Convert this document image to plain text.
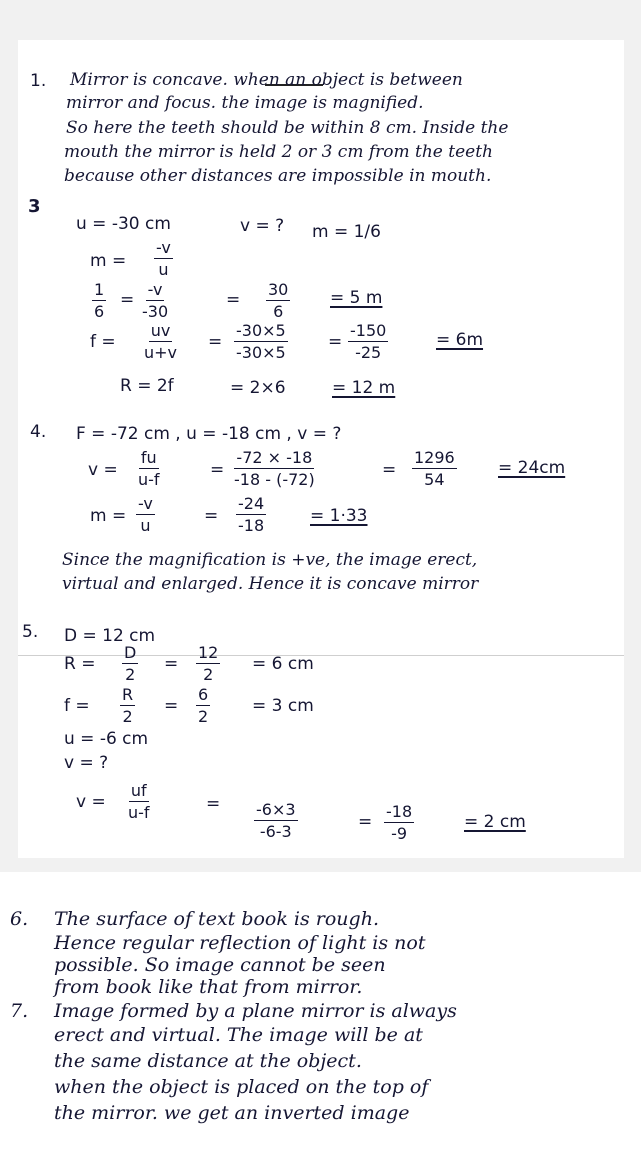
1. Mirror is concave. when an object is between
mirror and focus. the image is magnified.
So here the teeth should be within 8 cm. Inside the
mouth the mirror is held 2 or 3 cm from the teeth
because other distances are impossible in mouth.
3
u = -30 cm	v = ? m = 1/6
$m = \frac{-v}{u}$
$\frac{1}{6} = \frac{-v}{-30}$	= $\frac{30}{6} = 5$ m
$f = \frac{uv}{u+v} = \frac{-30\times 5}{-30\times 5} = \frac{-150}{-25}$	= 6m
R = 2f	= 2×6	= 12 m
4. F = -72 cm , u = -18 cm , v = ?
$v = \frac{fu}{u-f}$	= $\frac{-72 \times -18}{-18 - (-72)}$	= $\frac{1296}{54} = 24cm$
$m = \frac{-v}{u}$	= $\frac{-24}{-18}$	= 1·33
Since the magnification is +ve, the image erect,
virtual and enlarged. Hence it is concave mirror
5. D = 12 cm
$R = \frac{D}{2} = \frac{12}{2} = 6$ cm
$f = \frac{R}{2} = \frac{6}{2} = 3$ cm
u = -6 cm
v = ?
$v = \frac{uf}{u-f}$	= $\frac{-6\times 3}{-6-3}$	= $\frac{-18}{-9}$	= 2 cm
6. The surface of text book is rough.
Hence regular reflection of light is not
possible. So image cannot be seen
from book like that from mirror.
7. Image formed by a plane mirror is always
erect and virtual. The image will be at
the same distance at the object.
when the object is placed on the top of
the mirror. we get an inverted image
